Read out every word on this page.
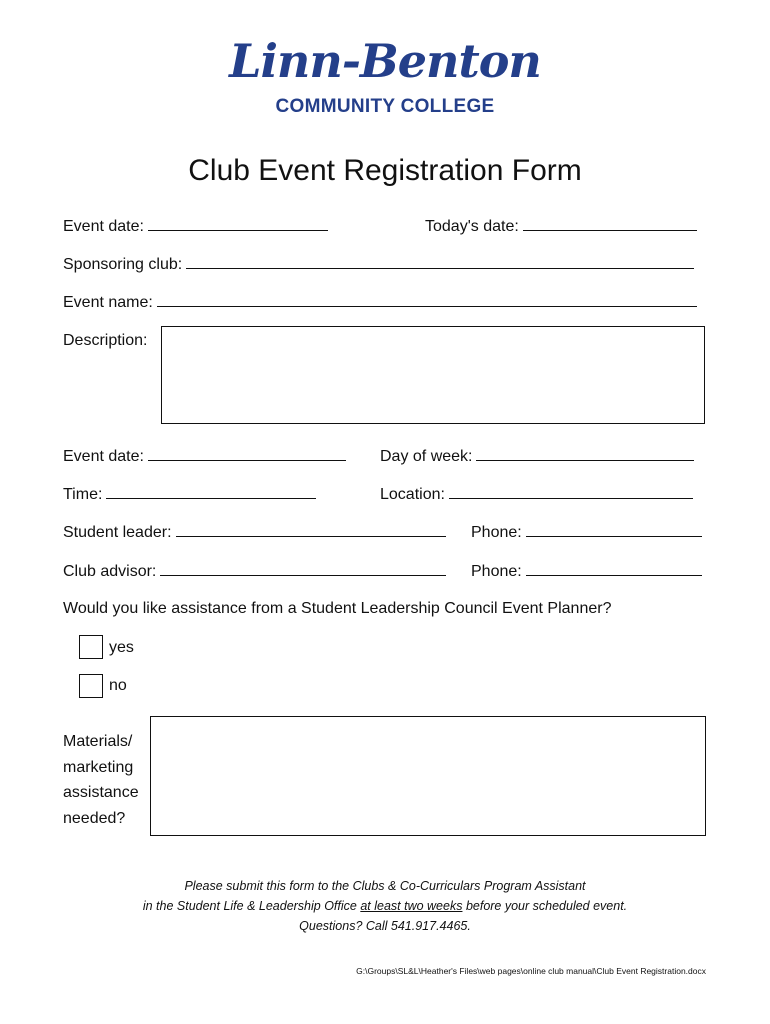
Linn-Benton
COMMUNITY COLLEGE
Club Event Registration Form
Event date:	Today's date:
Sponsoring club:
Event name:
Description:
Event date:	Day of week:
Time:	Location:
Student leader:	Phone:
Club advisor:	Phone:
Would you like assistance from a Student Leadership Council Event Planner?
yes
no
Materials/
marketing
assistance
needed?
Please submit this form to the Clubs & Co-Curriculars Program Assistant
in the Student Life & Leadership Office at least two weeks before your scheduled event.
Questions? Call 541.917.4465.
G:\Groups\SL&L\Heather's Files\web pages\online club manual\Club Event Registration.docx
